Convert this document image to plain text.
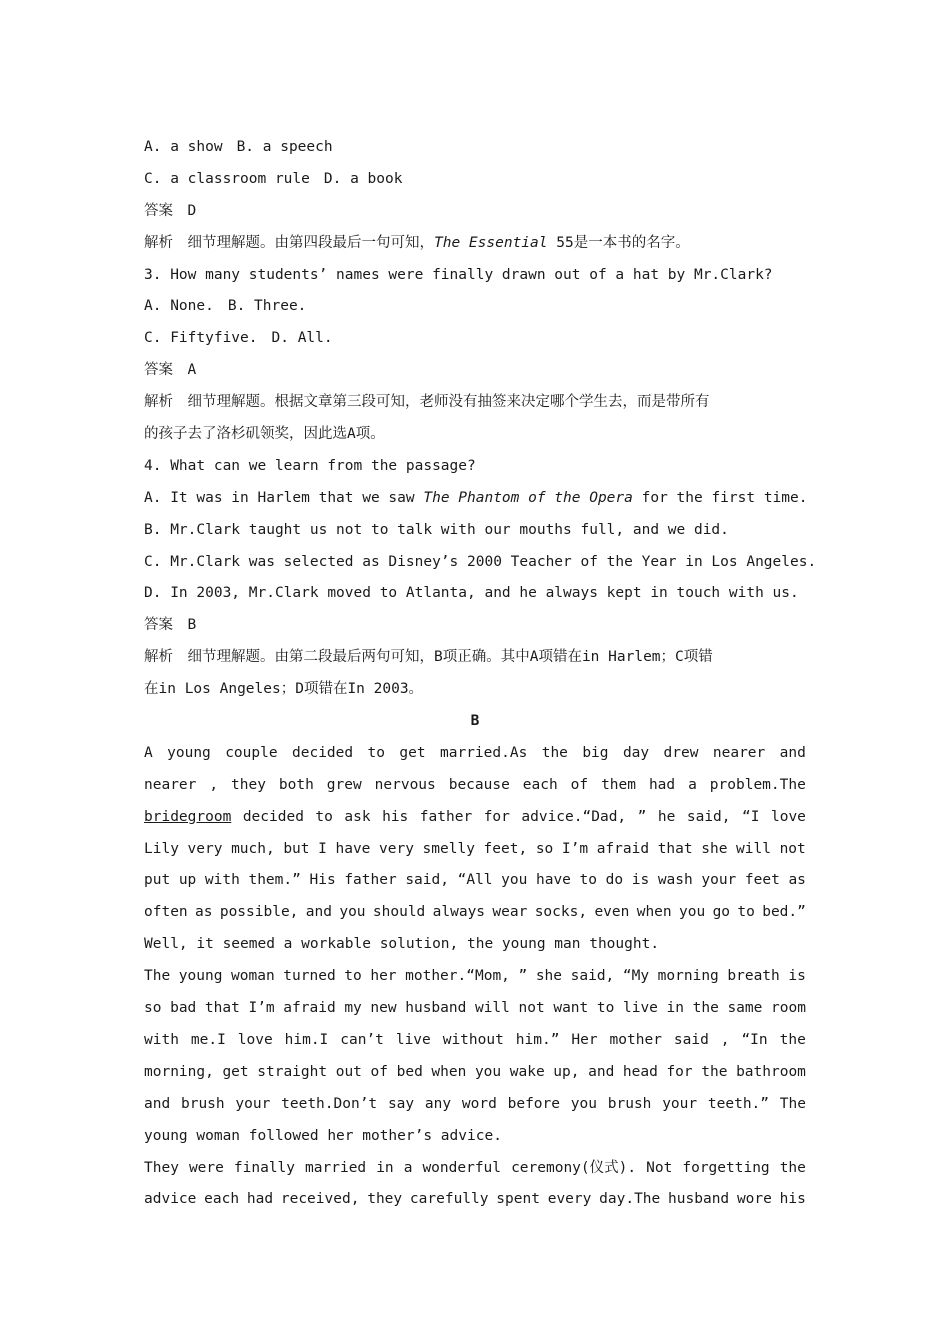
A. a show B. a speech
C. a classroom rule D. a book
答案　D
解析　细节理解题。由第四段最后一句可知，The Essential 55是一本书的名字。
3. How many students’ names were finally drawn out of a hat by Mr.Clark?
A. None. B. Three.
C. Fiftyfive. D. All.
答案　A
解析　细节理解题。根据文章第三段可知，老师没有抽签来决定哪个学生去，而是带所有
的孩子去了洛杉矶领奖，因此选A项。
4. What can we learn from the passage?
A. It was in Harlem that we saw The Phantom of the Opera for the first time.
B. Mr.Clark taught us not to talk with our mouths full, and we did.
C. Mr.Clark was selected as Disney’s 2000 Teacher of the Year in Los Angeles.
D. In 2003, Mr.Clark moved to Atlanta, and he always kept in touch with us.
答案　B
解析　细节理解题。由第二段最后两句可知，B项正确。其中A项错在in Harlem；C项错
在in Los Angeles；D项错在In 2003。
B
A young couple decided to get married.As the big day drew nearer and
nearer , they both grew nervous because each of them had a problem.The
bridegroom decided to ask his father for advice.“Dad, ” he said, “I love
Lily very much, but I have very smelly feet, so I’m afraid that she will not
put up with them.” His father said, “All you have to do is wash your feet as
often as possible, and you should always wear socks, even when you go to bed.”
Well, it seemed a workable solution, the young man thought.
The young woman turned to her mother.“Mom, ” she said, “My morning breath is
so bad that I’m afraid my new husband will not want to live in the same room
with me.I love him.I can’t live without him.” Her mother said , “In the
morning, get straight out of bed when you wake up, and head for the bathroom
and brush your teeth.Don’t say any word before you brush your teeth.” The
young woman followed her mother’s advice.
They were finally married in a wonderful ceremony(仪式). Not forgetting the
advice each had received, they carefully spent every day.The husband wore his
